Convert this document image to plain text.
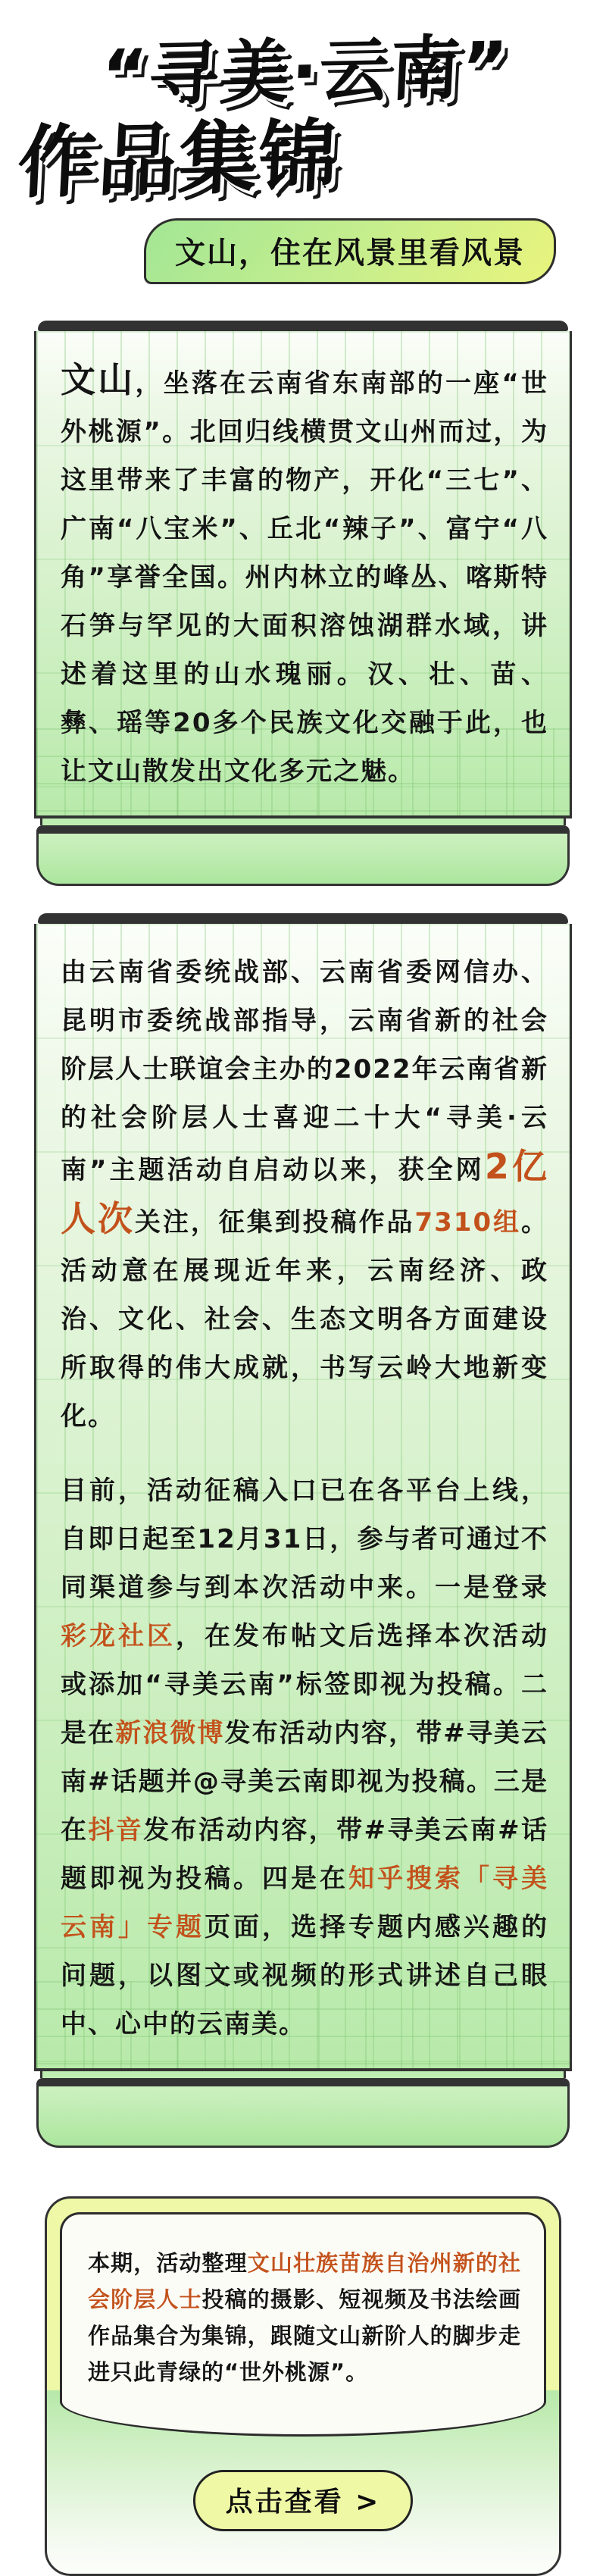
“寻美·云南”
作品集锦
文山，住在风景里看风景

文山，坐落在云南省东南部的一座“世外桃源”。北回归线横贯文山州而过，为这里带来了丰富的物产，开化“三七”、广南“八宝米”、丘北“辣子”、富宁“八角”享誉全国。州内林立的峰丛、喀斯特石笋与罕见的大面积溶蚀湖群水域，讲述着这里的山水瑰丽。汉、壮、苗、彝、瑶等20多个民族文化交融于此，也让文山散发出文化多元之魅。

由云南省委统战部、云南省委网信办、昆明市委统战部指导，云南省新的社会阶层人士联谊会主办的2022年云南省新的社会阶层人士喜迎二十大“寻美·云南”主题活动自启动以来，获全网2亿人次关注，征集到投稿作品7310组。活动意在展现近年来，云南经济、政治、文化、社会、生态文明各方面建设所取得的伟大成就，书写云岭大地新变化。

目前，活动征稿入口已在各平台上线，自即日起至12月31日，参与者可通过不同渠道参与到本次活动中来。一是登录彩龙社区，在发布帖文后选择本次活动或添加“寻美云南”标签即视为投稿。二是在新浪微博发布活动内容，带#寻美云南#话题并@寻美云南即视为投稿。三是在抖音发布活动内容，带#寻美云南#话题即视为投稿。四是在知乎搜索「寻美云南」专题页面，选择专题内感兴趣的问题，以图文或视频的形式讲述自己眼中、心中的云南美。

本期，活动整理文山壮族苗族自治州新的社会阶层人士投稿的摄影、短视频及书法绘画作品集合为集锦，跟随文山新阶人的脚步走进只此青绿的“世外桃源”。

点击查看 >
